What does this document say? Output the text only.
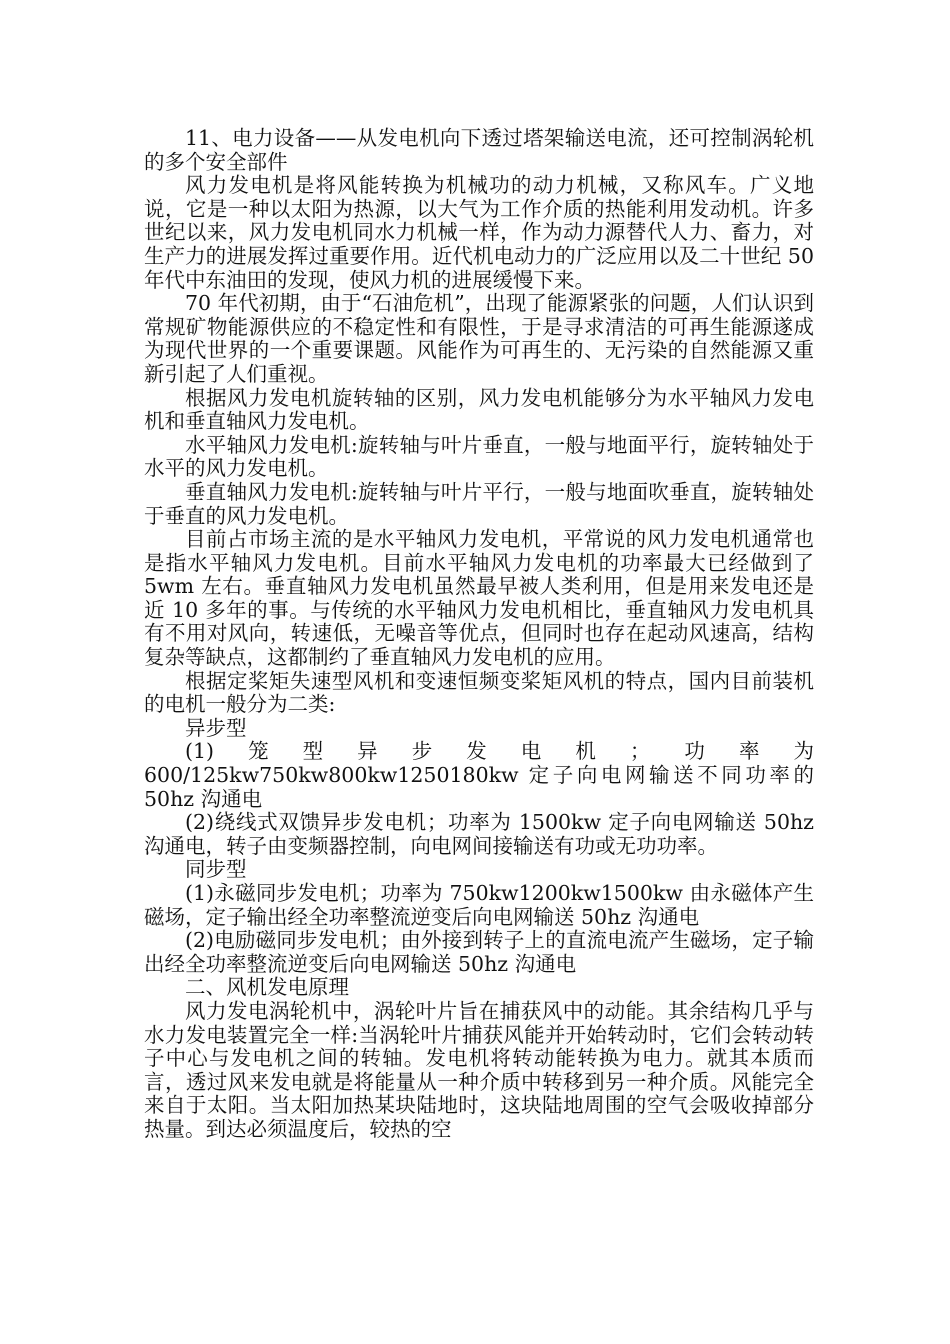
11、电力设备——从发电机向下透过塔架输送电流，还可控制涡轮机的多个安全部件

风力发电机是将风能转换为机械功的动力机械，又称风车。广义地说，它是一种以太阳为热源，以大气为工作介质的热能利用发动机。许多世纪以来，风力发电机同水力机械一样，作为动力源替代人力、畜力，对生产力的进展发挥过重要作用。近代机电动力的广泛应用以及二十世纪 50 年代中东油田的发现，使风力机的进展缓慢下来。

70 年代初期，由于“石油危机”，出现了能源紧张的问题，人们认识到常规矿物能源供应的不稳定性和有限性，于是寻求清洁的可再生能源遂成为现代世界的一个重要课题。风能作为可再生的、无污染的自然能源又重新引起了人们重视。

根据风力发电机旋转轴的区别，风力发电机能够分为水平轴风力发电机和垂直轴风力发电机。

水平轴风力发电机:旋转轴与叶片垂直，一般与地面平行，旋转轴处于水平的风力发电机。

垂直轴风力发电机:旋转轴与叶片平行，一般与地面吹垂直，旋转轴处于垂直的风力发电机。

目前占市场主流的是水平轴风力发电机，平常说的风力发电机通常也是指水平轴风力发电机。目前水平轴风力发电机的功率最大已经做到了 5wm 左右。垂直轴风力发电机虽然最早被人类利用，但是用来发电还是近 10 多年的事。与传统的水平轴风力发电机相比，垂直轴风力发电机具有不用对风向，转速低，无噪音等优点，但同时也存在起动风速高，结构复杂等缺点，这都制约了垂直轴风力发电机的应用。

根据定桨矩失速型风机和变速恒频变桨矩风机的特点，国内目前装机的电机一般分为二类:

异步型

(1)笼型异步发电机；功率为 600/125kw750kw800kw1250180kw 定子向电网输送不同功率的 50hz 沟通电

(2)绕线式双馈异步发电机；功率为 1500kw 定子向电网输送 50hz 沟通电，转子由变频器控制，向电网间接输送有功或无功功率。

同步型

(1)永磁同步发电机；功率为 750kw1200kw1500kw 由永磁体产生磁场，定子输出经全功率整流逆变后向电网输送 50hz 沟通电

(2)电励磁同步发电机；由外接到转子上的直流电流产生磁场，定子输出经全功率整流逆变后向电网输送 50hz 沟通电

二、风机发电原理

风力发电涡轮机中，涡轮叶片旨在捕获风中的动能。其余结构几乎与水力发电装置完全一样:当涡轮叶片捕获风能并开始转动时，它们会转动转子中心与发电机之间的转轴。发电机将转动能转换为电力。就其本质而言，透过风来发电就是将能量从一种介质中转移到另一种介质。风能完全来自于太阳。当太阳加热某块陆地时，这块陆地周围的空气会吸收掉部分热量。到达必须温度后，较热的空
